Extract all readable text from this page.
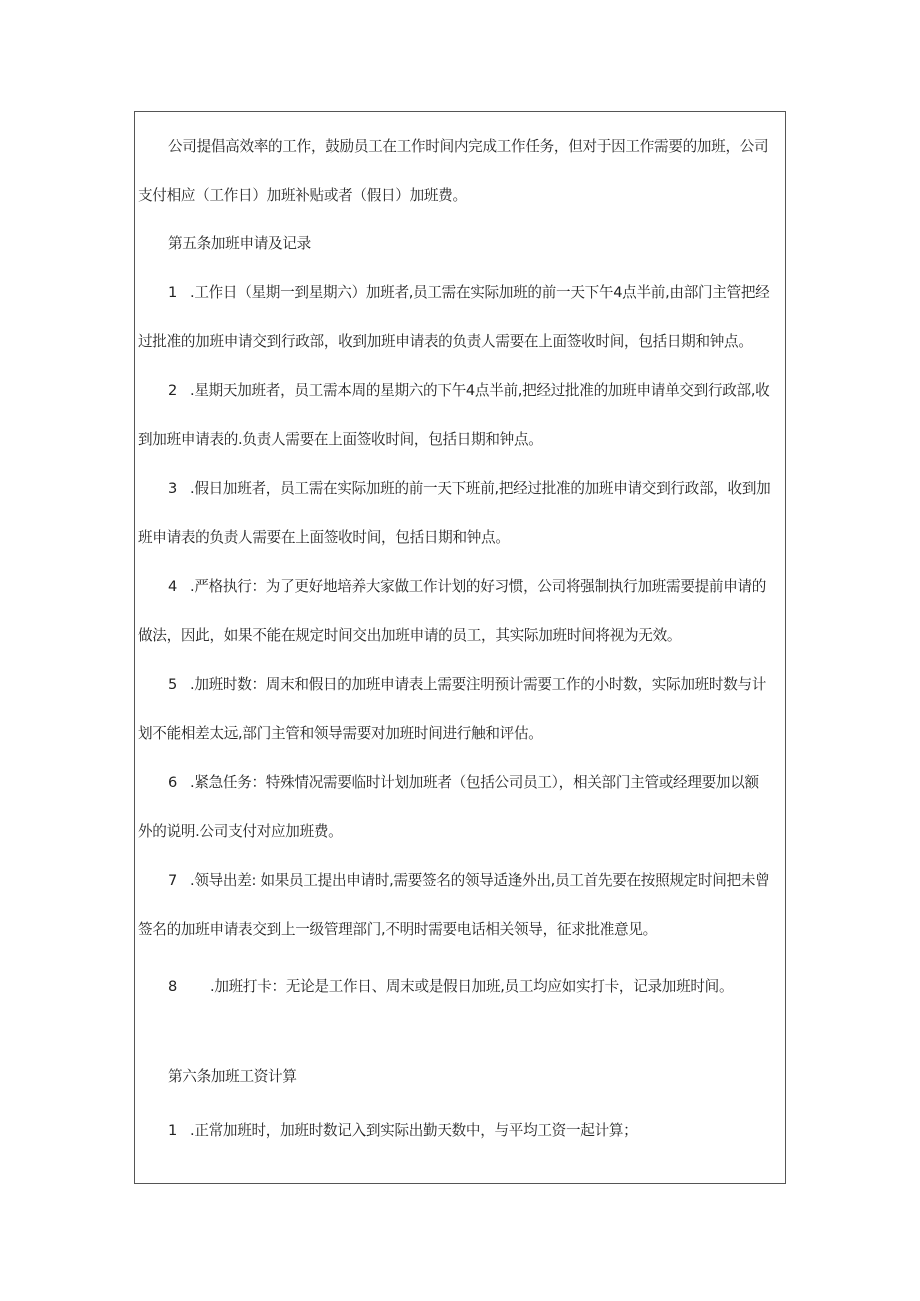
公司提倡高效率的工作，鼓励员工在工作时间内完成工作任务，但对于因工作需要的加班，公司
支付相应（工作日）加班补贴或者（假日）加班费。
第五条加班申请及记录
1 .工作日（星期一到星期六）加班者,员工需在实际加班的前一天下午4点半前,由部门主管把经
过批准的加班申请交到行政部，收到加班申请表的负责人需要在上面签收时间，包括日期和钟点。
2 .星期天加班者，员工需本周的星期六的下午4点半前,把经过批准的加班申请单交到行政部,收
到加班申请表的.负责人需要在上面签收时间，包括日期和钟点。
3 .假日加班者，员工需在实际加班的前一天下班前,把经过批准的加班申请交到行政部，收到加
班申请表的负责人需要在上面签收时间，包括日期和钟点。
4 .严格执行：为了更好地培养大家做工作计划的好习惯，公司将强制执行加班需要提前申请的
做法，因此，如果不能在规定时间交出加班申请的员工，其实际加班时间将视为无效。
5 .加班时数：周末和假日的加班申请表上需要注明预计需要工作的小时数，实际加班时数与计
划不能相差太远,部门主管和领导需要对加班时间进行触和评估。
6 .紧急任务：特殊情况需要临时计划加班者（包括公司员工），相关部门主管或经理要加以额
外的说明.公司支付对应加班费。
7 .领导出差: 如果员工提出申请时,需要签名的领导适逢外出,员工首先要在按照规定时间把未曾
签名的加班申请表交到上一级管理部门,不明时需要电话相关领导，征求批准意见。
8 .加班打卡：无论是工作日、周末或是假日加班,员工均应如实打卡，记录加班时间。
第六条加班工资计算
1 .正常加班时，加班时数记入到实际出勤天数中，与平均工资一起计算；
